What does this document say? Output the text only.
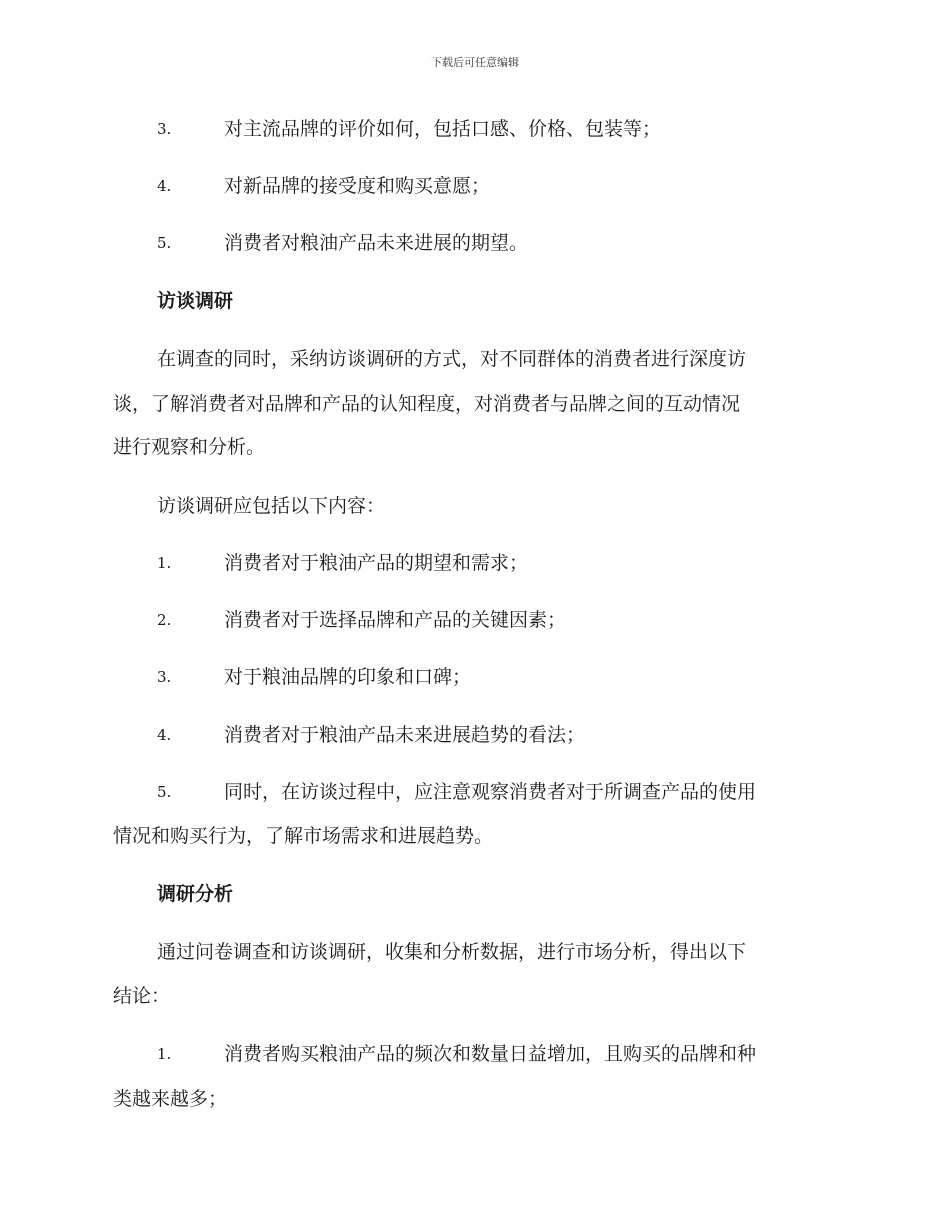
下载后可任意编辑
3.	对主流品牌的评价如何，包括口感、价格、包装等；
4.	对新品牌的接受度和购买意愿；
5.	消费者对粮油产品未来进展的期望。
访谈调研
在调查的同时，采纳访谈调研的方式，对不同群体的消费者进行深度访
谈，了解消费者对品牌和产品的认知程度，对消费者与品牌之间的互动情况
进行观察和分析。
访谈调研应包括以下内容：
1.	消费者对于粮油产品的期望和需求；
2.	消费者对于选择品牌和产品的关键因素；
3.	对于粮油品牌的印象和口碑；
4.	消费者对于粮油产品未来进展趋势的看法；
5.	同时，在访谈过程中，应注意观察消费者对于所调查产品的使用
情况和购买行为，了解市场需求和进展趋势。
调研分析
通过问卷调查和访谈调研，收集和分析数据，进行市场分析，得出以下
结论：
1.	消费者购买粮油产品的频次和数量日益增加，且购买的品牌和种
类越来越多；
